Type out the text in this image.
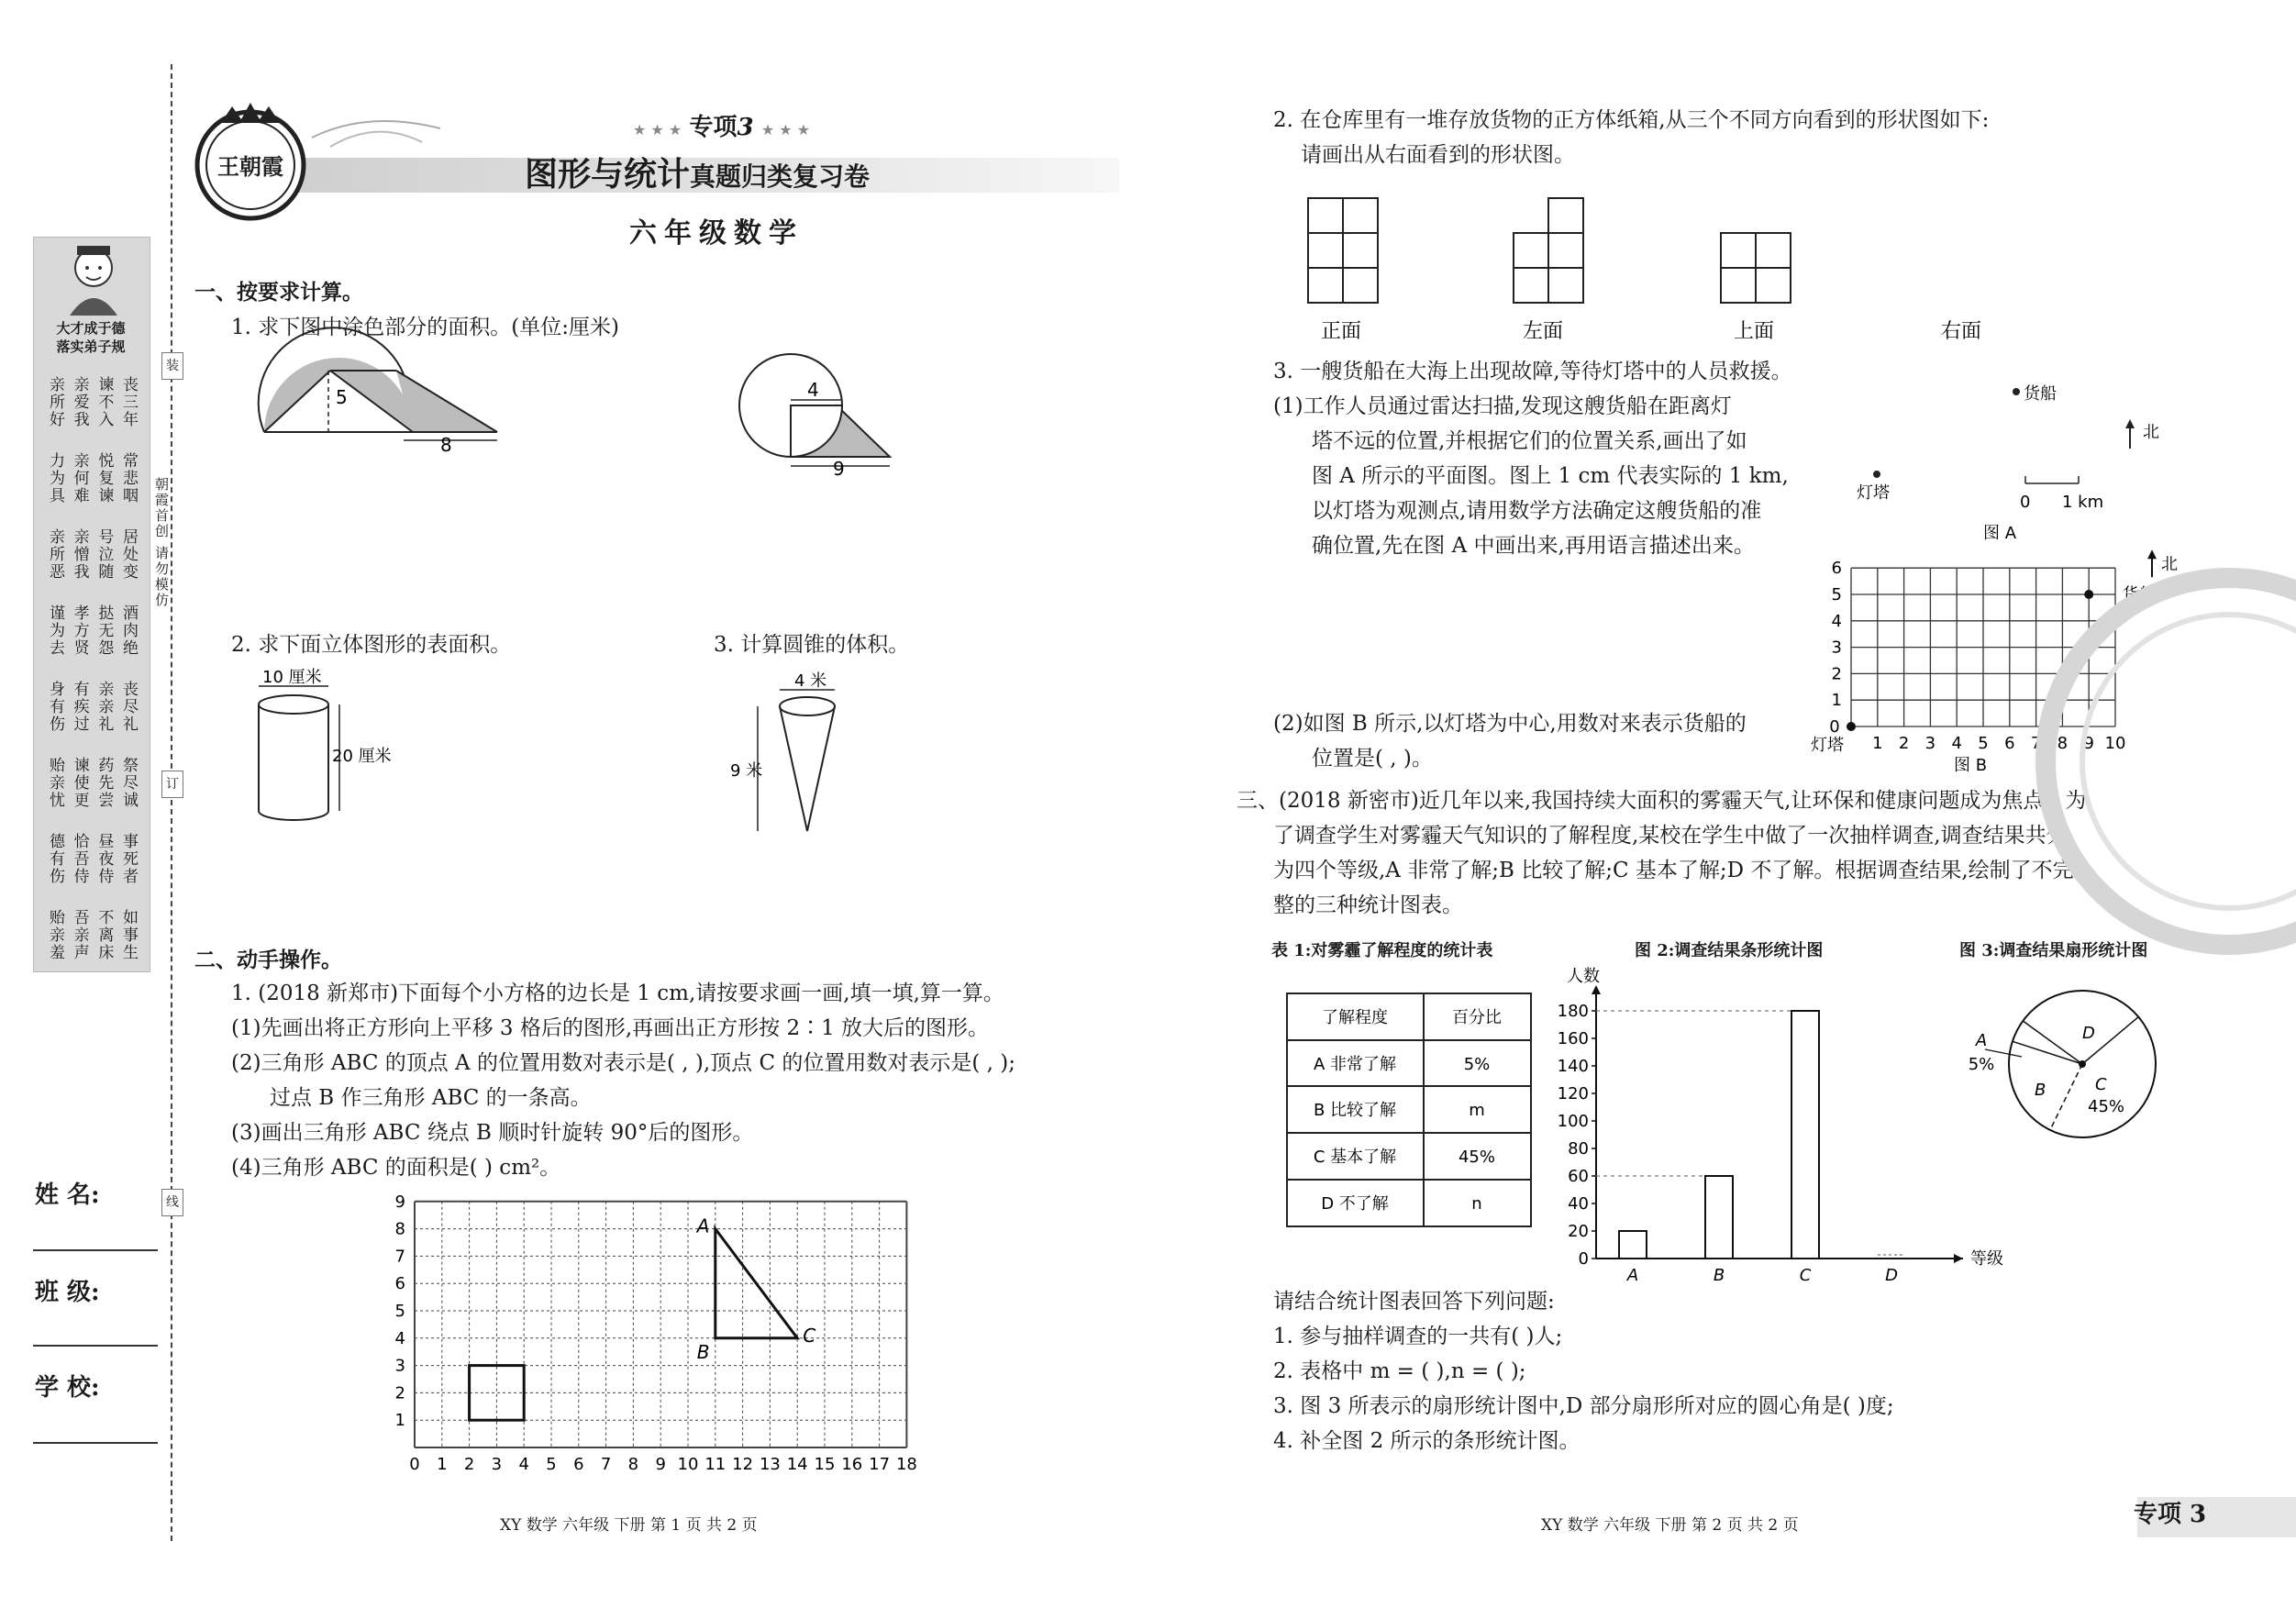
大才成于德
落实弟子规
亲所好 亲爱我 谏不入 丧三年
力为具 亲何难 悦复谏 常悲咽
亲所恶 亲憎我 号泣随 居处变
谨为去 孝方贤 挞无怨 酒肉绝
身有伤 有疾过 亲亲礼 丧尽礼
贻亲忧 谏使更 药先尝 祭尽诚
德有伤 恰吾侍 昼夜侍 事死者
贻亲羞 吾亲声 不离床 如事生
朝霞首创 请勿模仿
姓 名:
班 级:
学 校:
装
订
线
王朝霞
★ ★ ★ 专项3 ★ ★ ★
图形与统计真题归类复习卷
六年级数学
一、按要求计算。
1. 求下图中涂色部分的面积。(单位:厘米)
5
8
4
9
2. 求下面立体图形的表面积。	3. 计算圆锥的体积。
10 厘米
20 厘米
4 米
9 米
二、动手操作。
1. (2018 新郑市)下面每个小方格的边长是 1 cm,请按要求画一画,填一填,算一算。
(1)先画出将正方形向上平移 3 格后的图形,再画出正方形按 2∶1 放大后的图形。
(2)三角形 ABC 的顶点 A 的位置用数对表示是( , ),顶点 C 的位置用数对表示是( , );
过点 B 作三角形 ABC 的一条高。
(3)画出三角形 ABC 绕点 B 顺时针旋转 90°后的图形。
(4)三角形 ABC 的面积是( ) cm²。
0 1 2 3 4 5 6 7 8 9 10 11 12 13 14 15 16 17 18
1
2
3
4
5
6
7
8
9
A
B
C
XY 数学 六年级 下册 第 1 页 共 2 页
2. 在仓库里有一堆存放货物的正方体纸箱,从三个不同方向看到的形状图如下:
请画出从右面看到的形状图。
正面	左面	上面	右面
3. 一艘货船在大海上出现故障,等待灯塔中的人员救援。
(1)工作人员通过雷达扫描,发现这艘货船在距离灯
塔不远的位置,并根据它们的位置关系,画出了如
图 A 所示的平面图。图上 1 cm 代表实际的 1 km,
以灯塔为观测点,请用数学方法确定这艘货船的准
确位置,先在图 A 中画出来,再用语言描述出来。
货船
北
灯塔	0 1 km
图 A
1 2 3 4 5 6 7 8 9 10
0
1
2
3
4
5
6
灯塔
货船
北
图 B
(2)如图 B 所示,以灯塔为中心,用数对来表示货船的
位置是( , )。
三、(2018 新密市)近几年以来,我国持续大面积的雾霾天气,让环保和健康问题成为焦点。为
了调查学生对雾霾天气知识的了解程度,某校在学生中做了一次抽样调查,调查结果共分
为四个等级,A 非常了解;B 比较了解;C 基本了解;D 不了解。根据调查结果,绘制了不完
整的三种统计图表。
表 1:对雾霾了解程度的统计表	图 2:调查结果条形统计图	图 3:调查结果扇形统计图
了解程度	百分比
A 非常了解	5%
B 比较了解	m
C 基本了解	45%
D 不了解	n
人数
等级
0
20
40
60
80
100
120
140
160
180
A	B	C	D
A
5%
B
D
C
45%
请结合统计图表回答下列问题:
1. 参与抽样调查的一共有( )人;
2. 表格中 m = ( ),n = ( );
3. 图 3 所表示的扇形统计图中,D 部分扇形所对应的圆心角是( )度;
4. 补全图 2 所示的条形统计图。
XY 数学 六年级 下册 第 2 页 共 2 页	专项 3
